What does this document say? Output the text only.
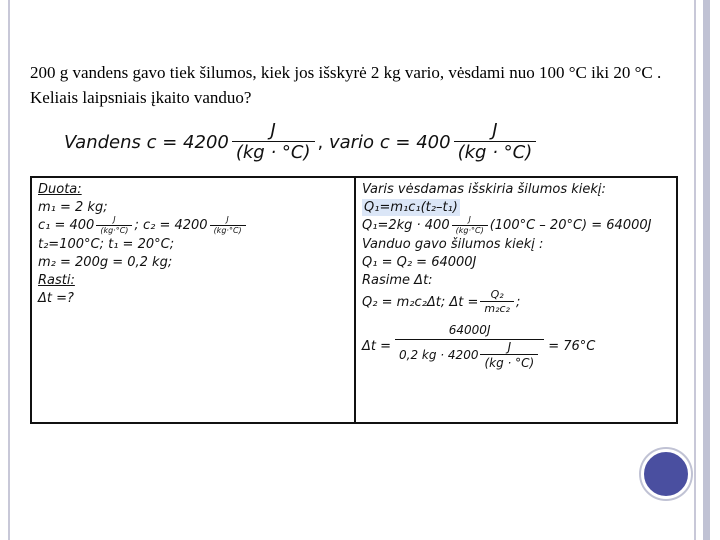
200 g vandens gavo tiek šilumos, kiek jos išskyrė 2 kg vario, vėsdami nuo 100 °C iki 20 °C . Keliais laipsniais įkaito vanduo?
Vandens
$c = 4200 \frac{J}{(kg \cdot ^\circ C)}$ ,
vario
$c = 400 \frac{J}{(kg \cdot ^\circ C)}$
Duota:
m₁ = 2 kg;
$c_1 = 400 \frac{J}{(kg\cdot^\circ C)}$ ; $c_2 = 4200 \frac{J}{(kg\cdot^\circ C)}$
t₂=100°C; t₁ = 20°C;
m₂ = 200g = 0,2 kg;
Rasti:
Δt =?

Varis vėsdamas išskiria šilumos kiekį:
Q₁=m₁c₁(t₂–t₁)
$Q_1=2kg \cdot 400 \frac{J}{(kg\cdot^\circ C)} (100^\circ C - 20^\circ C) = 64000J$
Vanduo gavo šilumos kiekį :
Q₁ = Q₂ = 64000J
Rasime Δt:
Q₂ = m₂c₂Δt; $\Delta t = \frac{\text{Q₂}}{\text{m₂c₂}}$ ;
Δt =
64000J
0,2 kg · $4200 \frac{J}{(kg \cdot ^\circ C)} = 76^\circ C$
